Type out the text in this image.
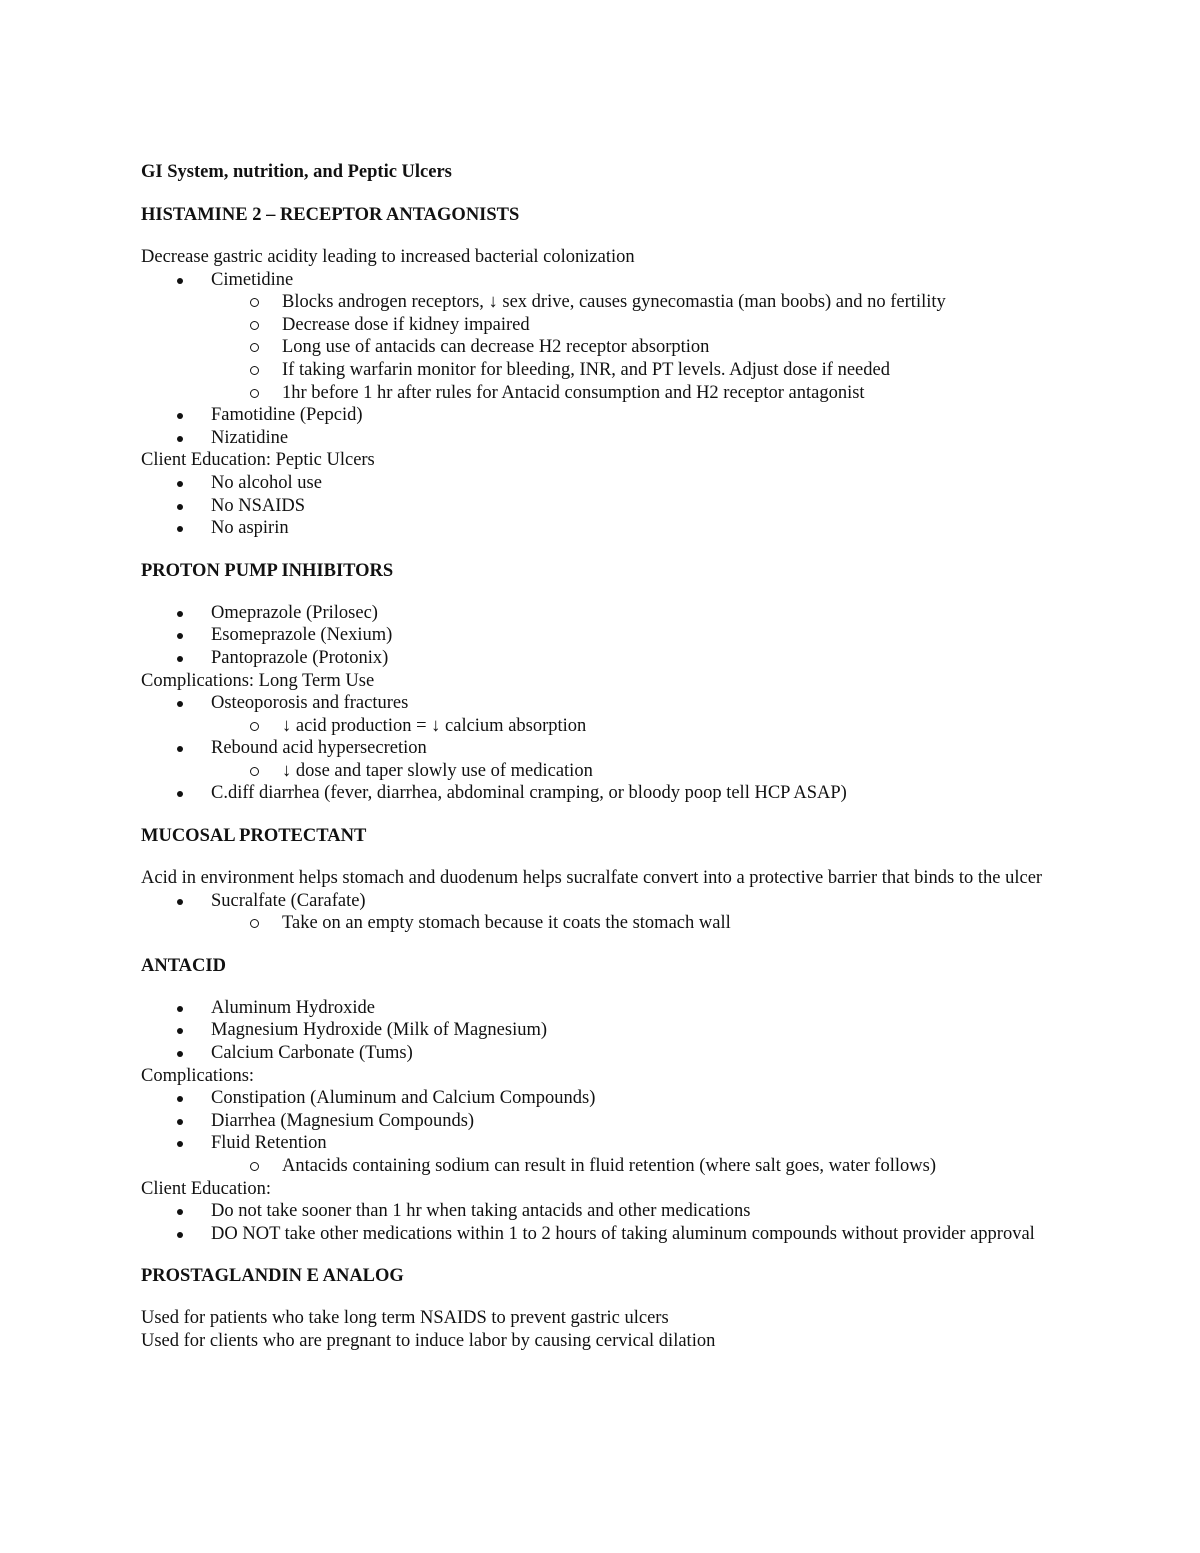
GI System, nutrition, and Peptic Ulcers
HISTAMINE 2 – RECEPTOR ANTAGONISTS

Decrease gastric acidity leading to increased bacterial colonization

Cimetidine
Blocks androgen receptors, ↓ sex drive, causes gynecomastia (man boobs) and no fertility
Decrease dose if kidney impaired
Long use of antacids can decrease H2 receptor absorption
If taking warfarin monitor for bleeding, INR, and PT levels. Adjust dose if needed
1hr before 1 hr after rules for Antacid consumption and H2 receptor antagonist
Famotidine (Pepcid)
Nizatidine

Client Education: Peptic Ulcers

No alcohol use
No NSAIDS
No aspirin
PROTON PUMP INHIBITORS
Omeprazole (Prilosec)
Esomeprazole (Nexium)
Pantoprazole (Protonix)

Complications: Long Term Use

Osteoporosis and fractures
↓ acid production = ↓ calcium absorption
Rebound acid hypersecretion
↓ dose and taper slowly use of medication
C.diff diarrhea (fever, diarrhea, abdominal cramping, or bloody poop tell HCP ASAP)
MUCOSAL PROTECTANT

Acid in environment helps stomach and duodenum helps sucralfate convert into a protective barrier that binds to the ulcer

Sucralfate (Carafate)
Take on an empty stomach because it coats the stomach wall
ANTACID
Aluminum Hydroxide
Magnesium Hydroxide (Milk of Magnesium)
Calcium Carbonate (Tums)

Complications:

Constipation (Aluminum and Calcium Compounds)
Diarrhea (Magnesium Compounds)
Fluid Retention
Antacids containing sodium can result in fluid retention (where salt goes, water follows)

Client Education:

Do not take sooner than 1 hr when taking antacids and other medications
DO NOT take other medications within 1 to 2 hours of taking aluminum compounds without provider approval
PROSTAGLANDIN E ANALOG

Used for patients who take long term NSAIDS to prevent gastric ulcers

Used for clients who are pregnant to induce labor by causing cervical dilation
